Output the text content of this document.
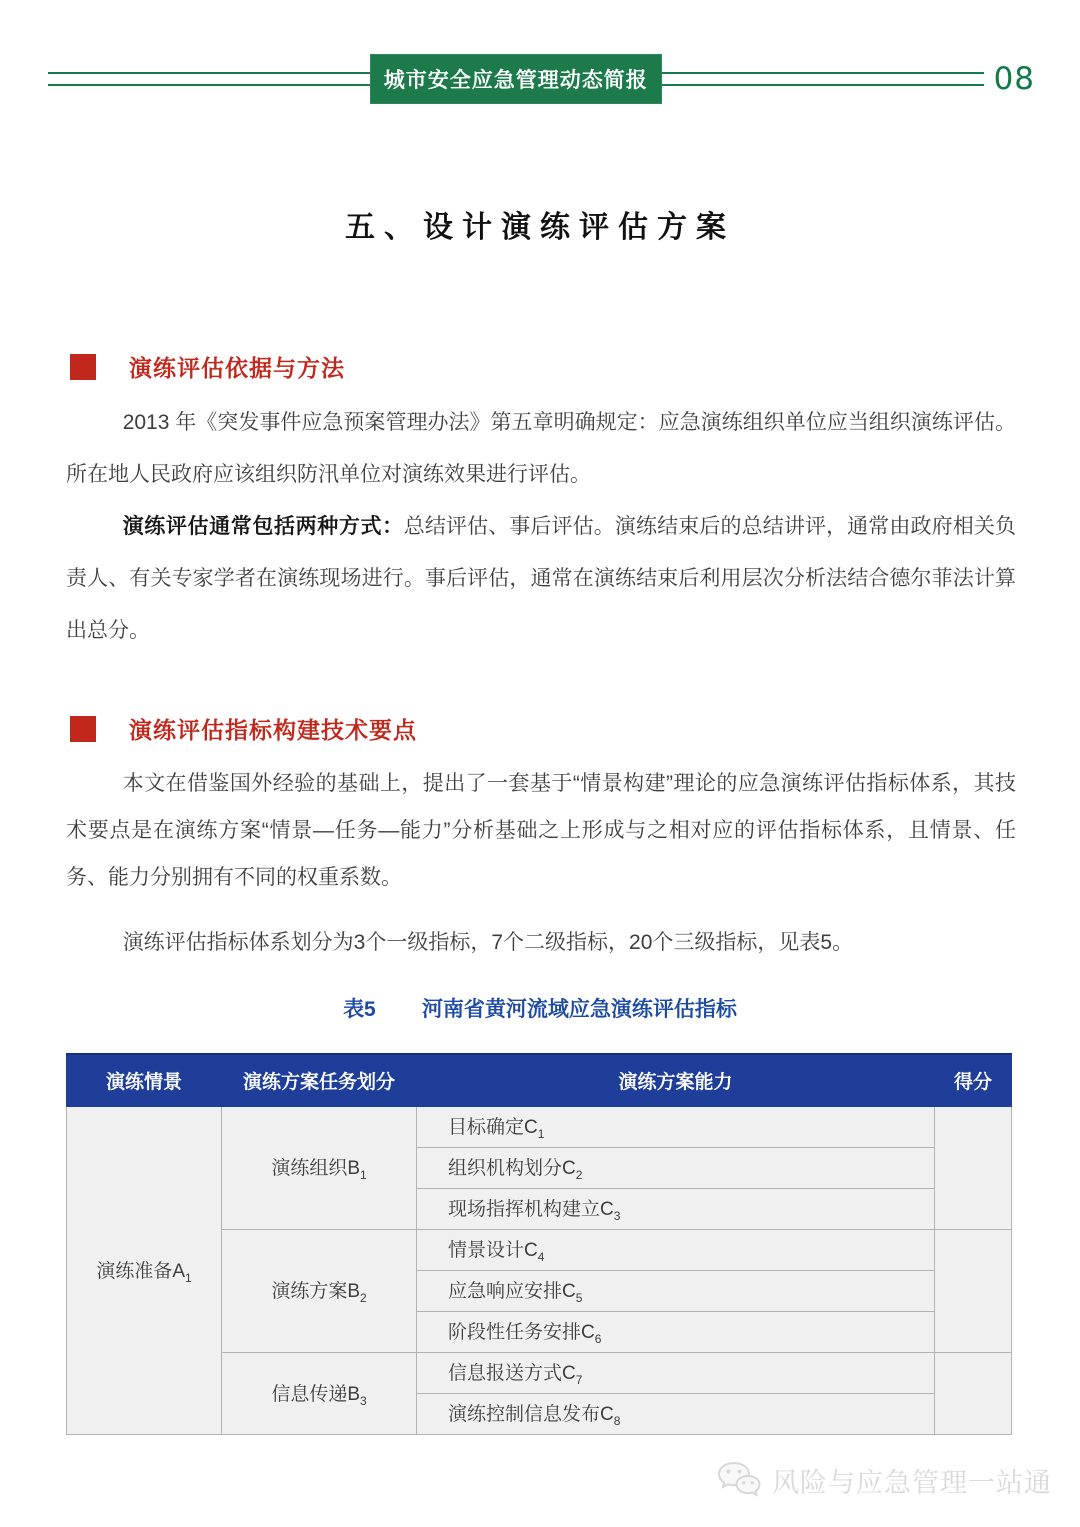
城市安全应急管理动态简报	08
五、设计演练评估方案
演练评估依据与方法

2013 年《突发事件应急预案管理办法》第五章明确规定：应急演练组织单位应当组织演练评估。所在地人民政府应该组织防汛单位对演练效果进行评估。

演练评估通常包括两种方式：总结评估、事后评估。演练结束后的总结讲评，通常由政府相关负责人、有关专家学者在演练现场进行。事后评估，通常在演练结束后利用层次分析法结合德尔菲法计算出总分。

演练评估指标构建技术要点

本文在借鉴国外经验的基础上，提出了一套基于“情景构建”理论的应急演练评估指标体系，其技术要点是在演练方案“情景—任务—能力”分析基础之上形成与之相对应的评估指标体系，且情景、任务、能力分别拥有不同的权重系数。

演练评估指标体系划分为3个一级指标，7个二级指标，20个三级指标，见表5。

表5 河南省黄河流域应急演练评估指标
演练情景	演练方案任务划分	演练方案能力	得分
演练准备$A_1$	演练组织$B_1$	目标确定$C_1$	
		组织机构划分$C_2$
		现场指挥机构建立$C_3$
	演练方案$B_2$	情景设计$C_4$	
		应急响应安排$C_5$
		阶段性任务安排$C_6$
	信息传递$B_3$	信息报送方式$C_7$	
		演练控制信息发布$C_8$
风险与应急管理一站通
